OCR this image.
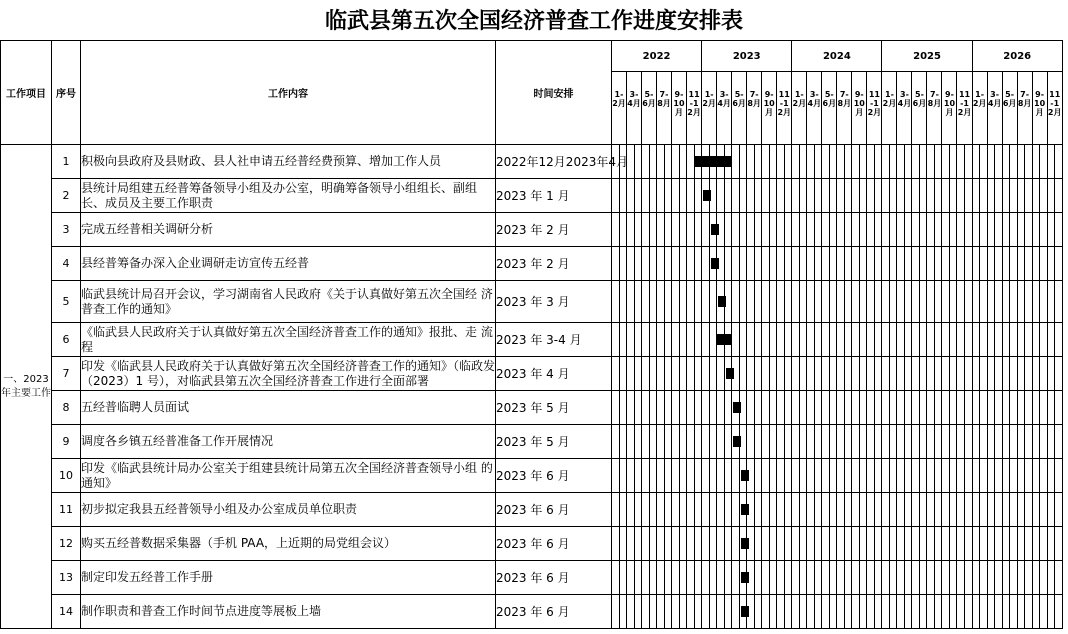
临武县第五次全国经济普查工作进度安排表
工作项目	序号	工作内容	时间安排	2022												2023												2024												2025												2026											

				1-2月		3-4月		5-6月		7-8月		9-10月		11-12月		1-2月		3-4月		5-6月		7-8月		9-10月		11-12月		1-2月		3-4月		5-6月		7-8月		9-10月		11-12月		1-2月		3-4月		5-6月		7-8月		9-10月		11-12月		1-2月		3-4月		5-6月		7-8月		9-10月		11-12月	

一、2023年主要工作	1	积极向县政府及县财政、县人社申请五经普经费预算、增加工作人员	2022年12月2023年4月												

	2	县统计局组建五经普筹备领导小组及办公室，明确筹备领导小组组长、副组 长、成员及主要工作职责	2023 年 1 月													

	3	完成五经普相关调研分析	2023 年 2 月														

	4	县经普筹备办深入企业调研走访宣传五经普	2023 年 2 月														

	5	临武县统计局召开会议，学习湖南省人民政府《关于认真做好第五次全国经 济普查工作的通知》	2023 年 3 月															

	6	《临武县人民政府关于认真做好第五次全国经济普查工作的通知》报批、走 流程	2023 年 3-4 月															

	7	印发《临武县人民政府关于认真做好第五次全国经济普查工作的通知》（临政发（2023）1 号），对临武县第五次全国经济普查工作进行全面部署	2023 年 4 月																

	8	五经普临聘人员面试	2023 年 5 月																	

	9	调度各乡镇五经普准备工作开展情况	2023 年 5 月																	

	10	印发《临武县统计局办公室关于组建县统计局第五次全国经济普查领导小组 的通知》	2023 年 6 月																		

	11	初步拟定我县五经普领导小组及办公室成员单位职责	2023 年 6 月																		

	12	购买五经普数据采集器（手机 PAA，上近期的局党组会议）	2023 年 6 月																		

	13	制定印发五经普工作手册	2023 年 6 月																		

	14	制作职责和普查工作时间节点进度等展板上墙	2023 年 6 月																		
